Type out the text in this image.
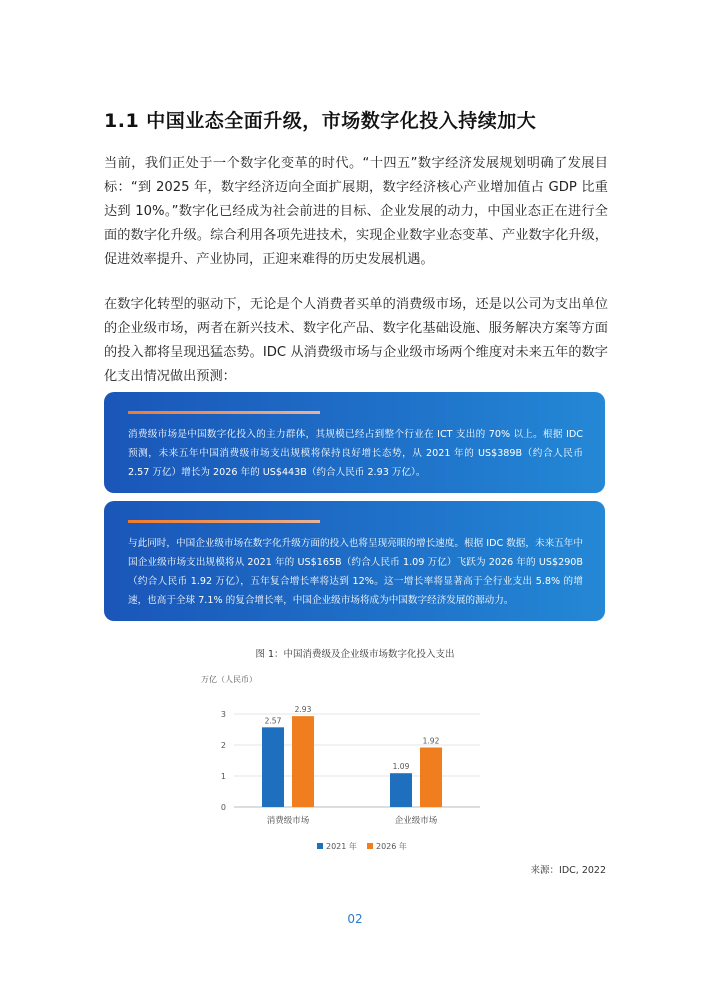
1.1 中国业态全面升级，市场数字化投入持续加大

当前，我们正处于一个数字化变革的时代。“十四五”数字经济发展规划明确了发展目标：“到 2025 年，数字经济迈向全面扩展期，数字经济核心产业增加值占 GDP 比重达到 10%。”数字化已经成为社会前进的目标、企业发展的动力，中国业态正在进行全面的数字化升级。综合利用各项先进技术，实现企业数字业态变革、产业数字化升级，促进效率提升、产业协同，正迎来难得的历史发展机遇。

在数字化转型的驱动下，无论是个人消费者买单的消费级市场，还是以公司为支出单位的企业级市场，两者在新兴技术、数字化产品、数字化基础设施、服务解决方案等方面的投入都将呈现迅猛态势。IDC 从消费级市场与企业级市场两个维度对未来五年的数字化支出情况做出预测：

消费级市场是中国数字化投入的主力群体，其规模已经占到整个行业在 ICT 支出的 70% 以上。根据 IDC 预测，未来五年中国消费级市场支出规模将保持良好增长态势，从 2021 年的 US$389B（约合人民币 2.57 万亿）增长为 2026 年的 US$443B（约合人民币 2.93 万亿）。

与此同时，中国企业级市场在数字化升级方面的投入也将呈现亮眼的增长速度。根据 IDC 数据，未来五年中国企业级市场支出规模将从 2021 年的 US$165B（约合人民币 1.09 万亿）飞跃为 2026 年的 US$290B（约合人民币 1.92 万亿），五年复合增长率将达到 12%。这一增长率将显著高于全行业支出 5.8% 的增速，也高于全球 7.1% 的复合增长率，中国企业级市场将成为中国数字经济发展的源动力。

图 1：中国消费级及企业级市场数字化投入支出
万亿（人民币）
0
1
2
3
2.57
2.93
消费级市场
1.09
1.92
企业级市场
2021 年 2026 年
来源：IDC, 2022
02
